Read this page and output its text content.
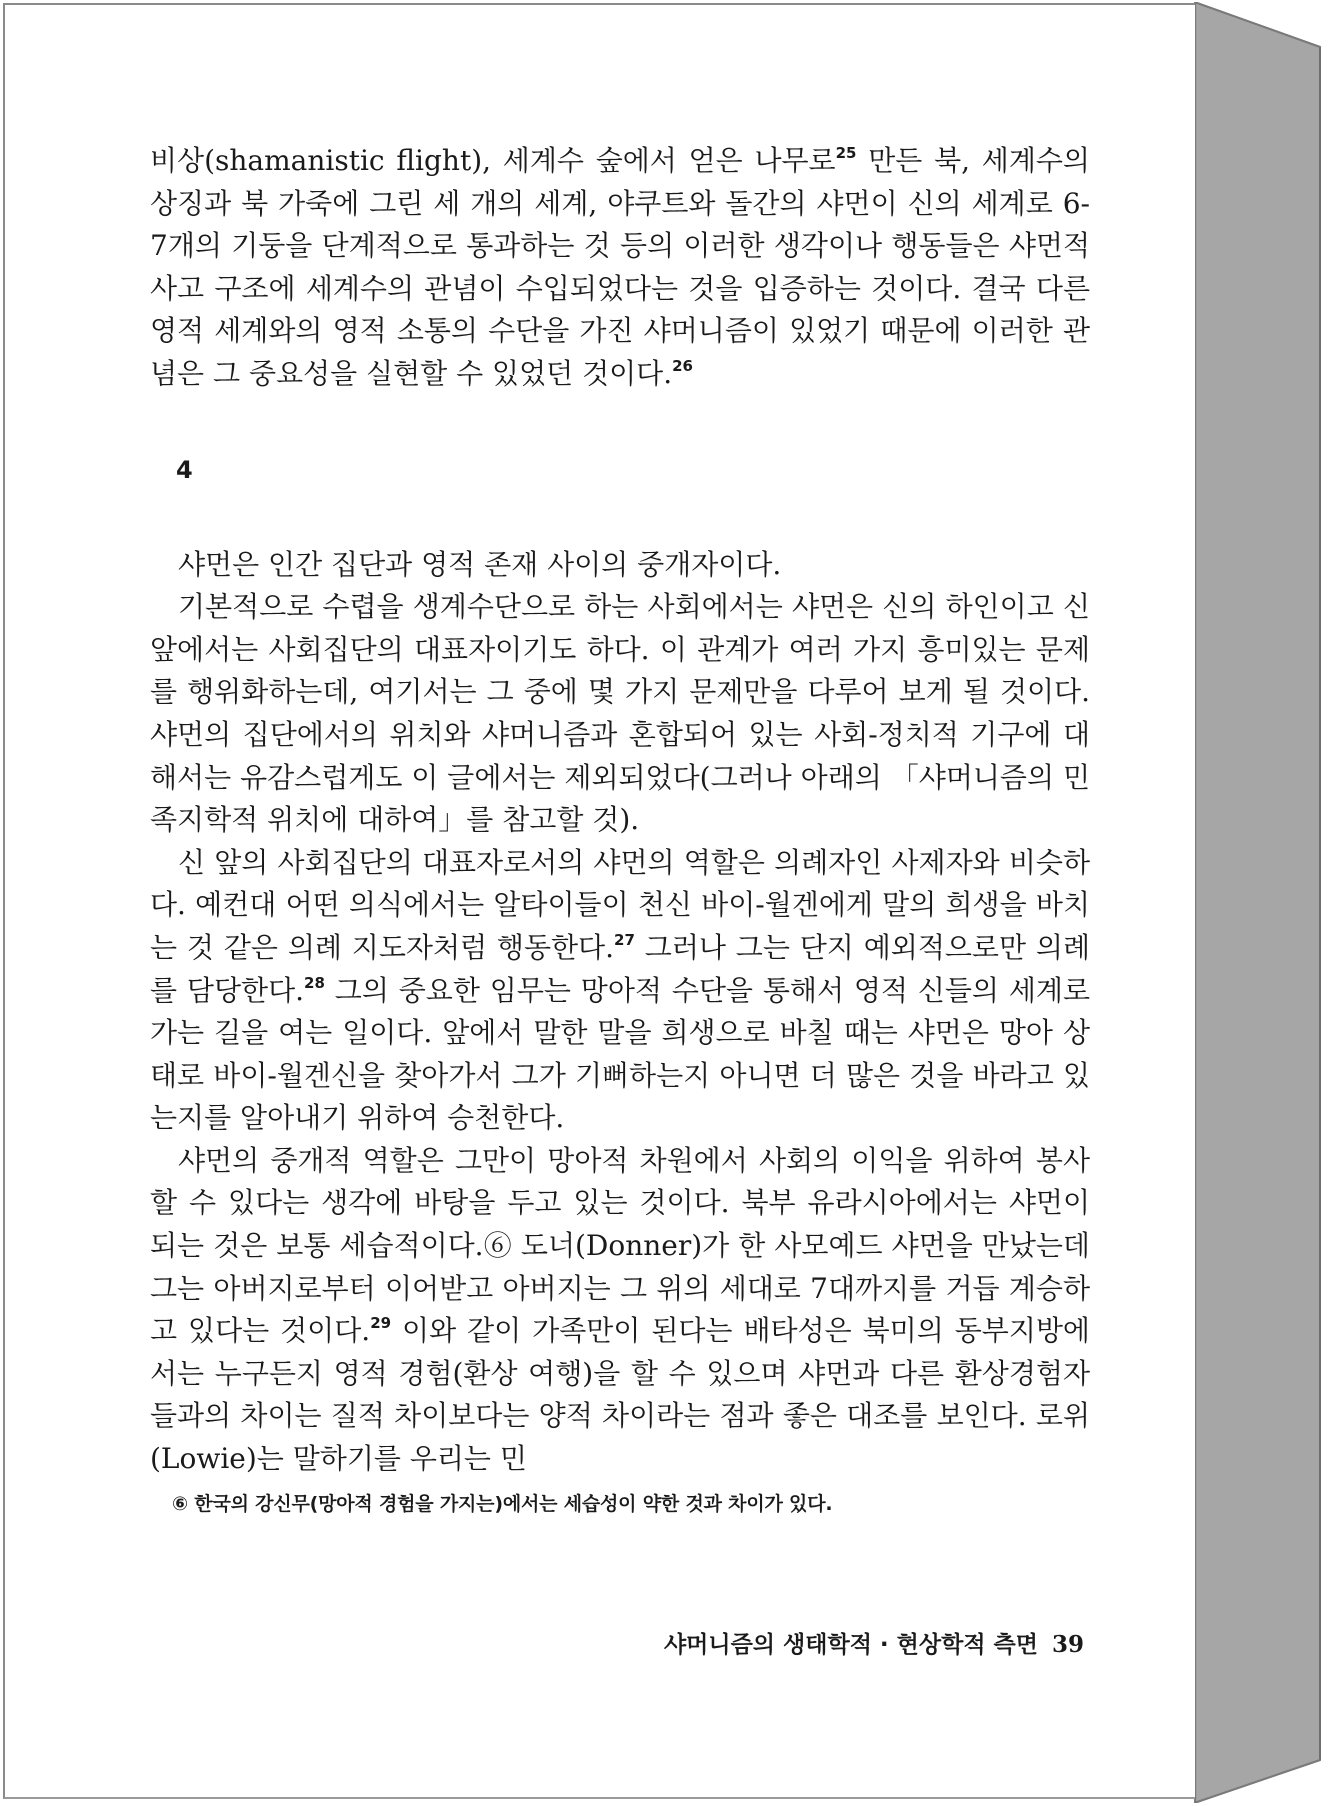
비상(shamanistic flight), 세계수 숲에서 얻은 나무로$^{25}$ 만든 북, 세계수의 상징과 북 가죽에 그린 세 개의 세계, 야쿠트와 돌간의 샤먼이 신의 세계로 6-7개의 기둥을 단계적으로 통과하는 것 등의 이러한 생각이나 행동들은 샤먼적 사고 구조에 세계수의 관념이 수입되었다는 것을 입증하는 것이다. 결국 다른 영적 세계와의 영적 소통의 수단을 가진 샤머니즘이 있었기 때문에 이러한 관념은 그 중요성을 실현할 수 있었던 것이다.$^{26}$

4

샤먼은 인간 집단과 영적 존재 사이의 중개자이다.

기본적으로 수렵을 생계수단으로 하는 사회에서는 샤먼은 신의 하인이고 신 앞에서는 사회집단의 대표자이기도 하다. 이 관계가 여러 가지 흥미있는 문제를 행위화하는데, 여기서는 그 중에 몇 가지 문제만을 다루어 보게 될 것이다. 샤먼의 집단에서의 위치와 샤머니즘과 혼합되어 있는 사회-정치적 기구에 대해서는 유감스럽게도 이 글에서는 제외되었다(그러나 아래의 「샤머니즘의 민족지학적 위치에 대하여」를 참고할 것).

신 앞의 사회집단의 대표자로서의 샤먼의 역할은 의례자인 사제자와 비슷하다. 예컨대 어떤 의식에서는 알타이들이 천신 바이-월겐에게 말의 희생을 바치는 것 같은 의례 지도자처럼 행동한다.$^{27}$ 그러나 그는 단지 예외적으로만 의례를 담당한다.$^{28}$ 그의 중요한 임무는 망아적 수단을 통해서 영적 신들의 세계로 가는 길을 여는 일이다. 앞에서 말한 말을 희생으로 바칠 때는 샤먼은 망아 상태로 바이-월겐신을 찾아가서 그가 기뻐하는지 아니면 더 많은 것을 바라고 있는지를 알아내기 위하여 승천한다.

샤먼의 중개적 역할은 그만이 망아적 차원에서 사회의 이익을 위하여 봉사할 수 있다는 생각에 바탕을 두고 있는 것이다. 북부 유라시아에서는 샤먼이 되는 것은 보통 세습적이다.⑥ 도너(Donner)가 한 사모예드 샤먼을 만났는데 그는 아버지로부터 이어받고 아버지는 그 위의 세대로 7대까지를 거듭 계승하고 있다는 것이다.$^{29}$ 이와 같이 가족만이 된다는 배타성은 북미의 동부지방에서는 누구든지 영적 경험(환상 여행)을 할 수 있으며 샤먼과 다른 환상경험자들과의 차이는 질적 차이보다는 양적 차이라는 점과 좋은 대조를 보인다. 로위(Lowie)는 말하기를 우리는 민

⑥ 한국의 강신무(망아적 경험을 가지는)에서는 세습성이 약한 것과 차이가 있다.

샤머니즘의 생태학적 · 현상학적 측면 39
